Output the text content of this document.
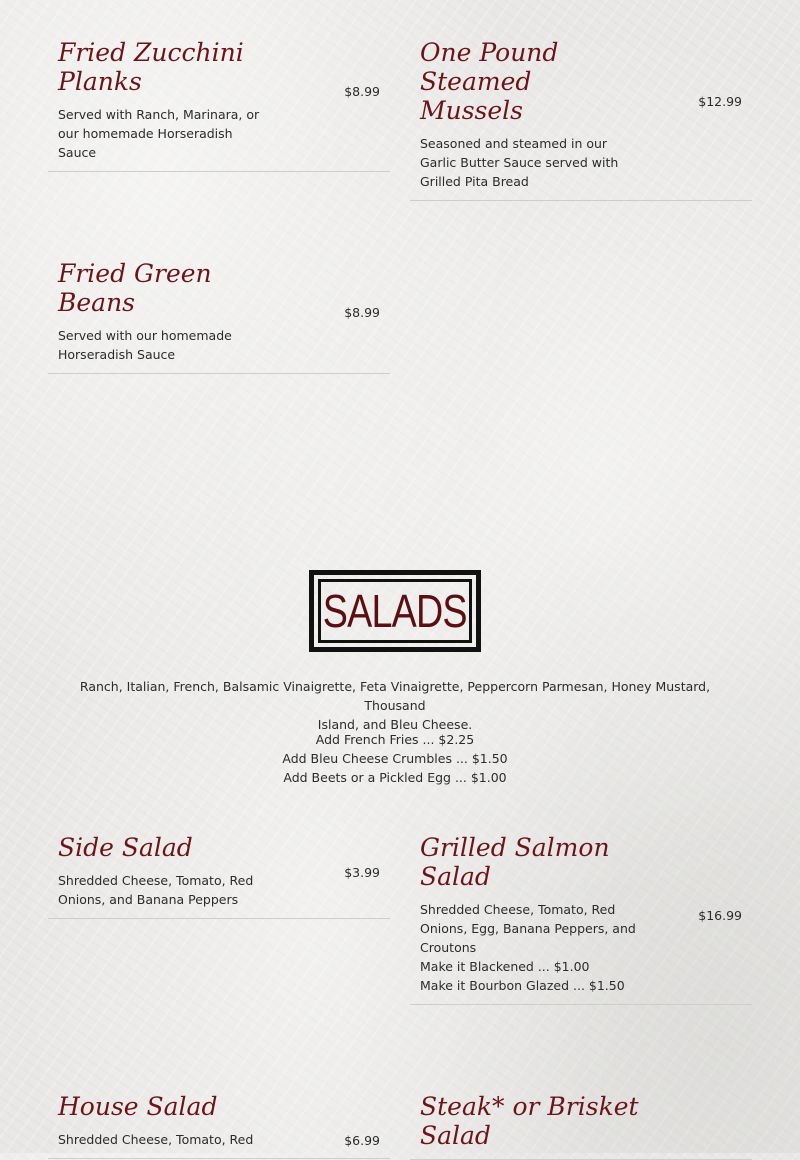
Fried Zucchini
Planks	$8.99

Served with Ranch, Marinara, or
our homemade Horseradish Sauce

One Pound
Steamed Mussels	$12.99

Seasoned and steamed in our
Garlic Butter Sauce served with
Grilled Pita Bread

Fried Green
Beans	$8.99

Served with our homemade
Horseradish Sauce

SALADS
Ranch, Italian, French, Balsamic Vinaigrette, Feta Vinaigrette, Peppercorn Parmesan, Honey Mustard, Thousand
Island, and Bleu Cheese.
Add French Fries ... $2.25
Add Bleu Cheese Crumbles ... $1.50
Add Beets or a Pickled Egg ... $1.00
Side Salad
$3.99

Shredded Cheese, Tomato, Red
Onions, and Banana Peppers

Grilled Salmon
Salad
$16.99

Shredded Cheese, Tomato, Red
Onions, Egg, Banana Peppers, and
Croutons
Make it Blackened ... $1.00
Make it Bourbon Glazed ... $1.50

House Salad
$6.99

Shredded Cheese, Tomato, Red

Steak* or Brisket
Salad
